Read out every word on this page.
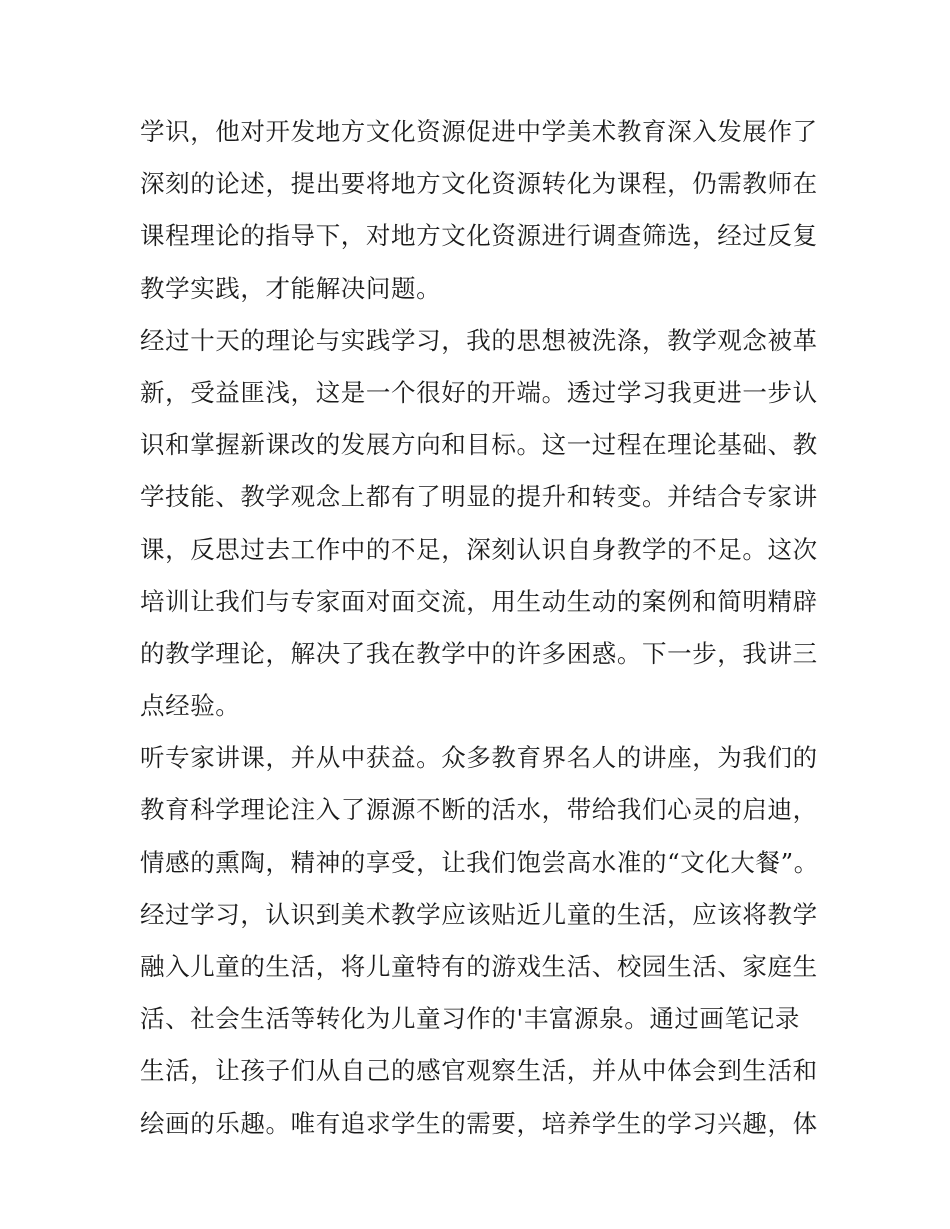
学识，他对开发地方文化资源促进中学美术教育深入发展作了
深刻的论述，提出要将地方文化资源转化为课程，仍需教师在
课程理论的指导下，对地方文化资源进行调查筛选，经过反复
教学实践，才能解决问题。
经过十天的理论与实践学习，我的思想被洗涤，教学观念被革
新，受益匪浅，这是一个很好的开端。透过学习我更进一步认
识和掌握新课改的发展方向和目标。这一过程在理论基础、教
学技能、教学观念上都有了明显的提升和转变。并结合专家讲
课，反思过去工作中的不足，深刻认识自身教学的不足。这次
培训让我们与专家面对面交流，用生动生动的案例和简明精辟
的教学理论，解决了我在教学中的许多困惑。下一步，我讲三
点经验。
听专家讲课，并从中获益。众多教育界名人的讲座，为我们的
教育科学理论注入了源源不断的活水，带给我们心灵的启迪，
情感的熏陶，精神的享受，让我们饱尝高水准的“文化大餐”。
经过学习，认识到美术教学应该贴近儿童的生活，应该将教学
融入儿童的生活，将儿童特有的游戏生活、校园生活、家庭生
活、社会生活等转化为儿童习作的'丰富源泉。通过画笔记录
生活，让孩子们从自己的感官观察生活，并从中体会到生活和
绘画的乐趣。唯有追求学生的需要，培养学生的学习兴趣，体
